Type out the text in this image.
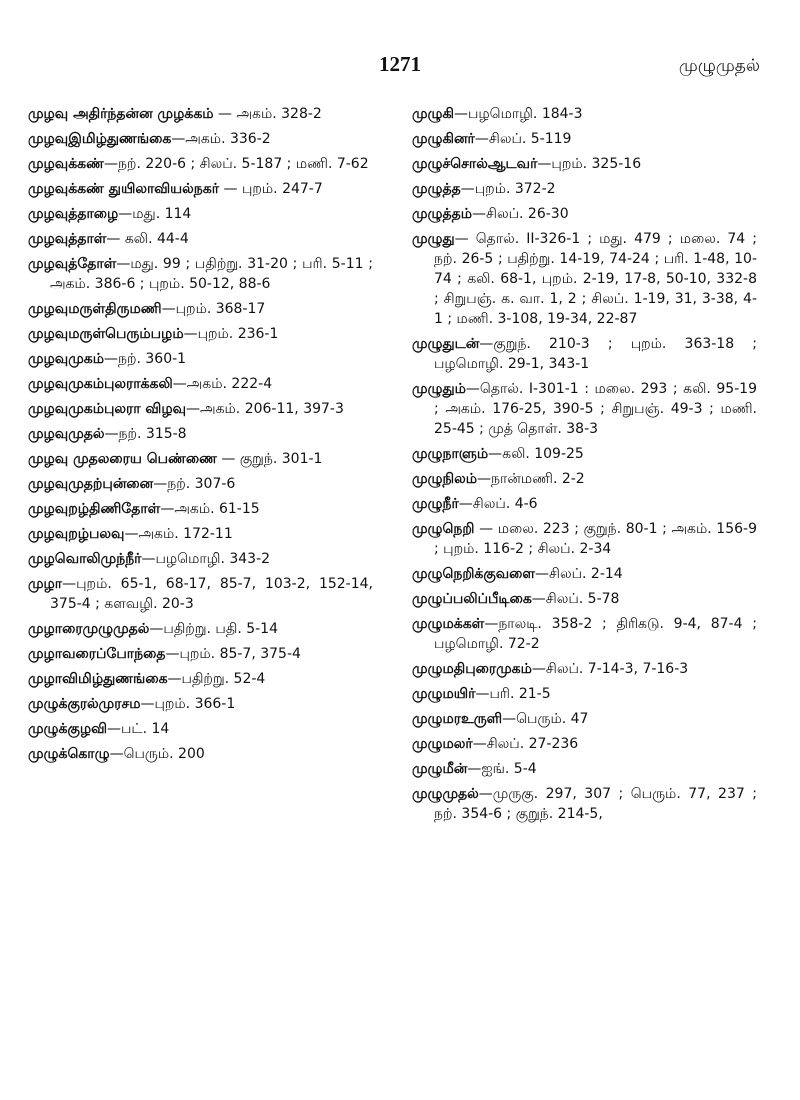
1271	முழுமுதல்

முழவு அதிர்ந்தன்ன முழக்கம் — அகம். 328-2

முழவுஇமிழ்துணங்கை—அகம். 336-2

முழவுக்கண்—நற். 220-6 ; சிலப். 5-187 ; மணி. 7-62

முழவுக்கண் துயிலாவியல்நகர் — புறம். 247-7

முழவுத்தாழை—மது. 114

முழவுத்தாள்— கலி. 44-4

முழவுத்தோள்—மது. 99 ; பதிற்று. 31-20 ; பரி. 5-11 ; அகம். 386-6 ; புறம். 50-12, 88-6

முழவுமருள்திருமணி—புறம். 368-17

முழவுமருள்பெரும்பழம்—புறம். 236-1

முழவுமுகம்—நற். 360-1

முழவுமுகம்புலராக்கலி—அகம். 222-4

முழவுமுகம்புலரா விழவு—அகம். 206-11, 397-3

முழவுமுதல்—நற். 315-8

முழவு முதலரைய பெண்ணை — குறுந். 301-1

முழவுமுதற்புன்னை—நற். 307-6

முழவுறழ்திணிதோள்—அகம். 61-15

முழவுறழ்பலவு—அகம். 172-11

முழவொலிமுந்நீர்—பழமொழி. 343-2

முழா—புறம். 65-1, 68-17, 85-7, 103-2, 152-14, 375-4 ; களவழி. 20-3

முழாரைமுழுமுதல்—பதிற்று. பதி. 5-14

முழாவரைப்போந்தை—புறம். 85-7, 375-4

முழாவிமிழ்துணங்கை—பதிற்று. 52-4

முழுக்குரல்முரசம—புறம். 366-1

முழுக்குழவி—பட். 14

முழுக்கொழு—பெரும். 200

முழுகி—பழமொழி. 184-3

முழுகினர்—சிலப். 5-119

முழுச்சொல்ஆடவர்—புறம். 325-16

முழுத்த—புறம். 372-2

முழுத்தம்—சிலப். 26-30

முழுது— தொல். II-326-1 ; மது. 479 ; மலை. 74 ; நற். 26-5 ; பதிற்று. 14-19, 74-24 ; பரி. 1-48, 10-74 ; கலி. 68-1, புறம். 2-19, 17-8, 50-10, 332-8 ; சிறுபஞ். க. வா. 1, 2 ; சிலப். 1-19, 31, 3-38, 4-1 ; மணி. 3-108, 19-34, 22-87

முழுதுடன்—குறுந். 210-3 ; புறம். 363-18 ; பழமொழி. 29-1, 343-1

முழுதும்—தொல். I-301-1 : மலை. 293 ; கலி. 95-19 ; அகம். 176-25, 390-5 ; சிறுபஞ். 49-3 ; மணி. 25-45 ; முத் தொள். 38-3

முழுநாளும்—கலி. 109-25

முழுநிலம்—நான்மணி. 2-2

முழுநீர்—சிலப். 4-6

முழுநெறி — மலை. 223 ; குறுந். 80-1 ; அகம். 156-9 ; புறம். 116-2 ; சிலப். 2-34

முழுநெறிக்குவளை—சிலப். 2-14

முழுப்பலிப்பீடிகை—சிலப். 5-78

முழுமக்கள்—நாலடி. 358-2 ; திரிகடு. 9-4, 87-4 ; பழமொழி. 72-2

முழுமதிபுரைமுகம்—சிலப். 7-14-3, 7-16-3

முழுமயிர்—பரி. 21-5

முழுமரஉருளி—பெரும். 47

முழுமலர்—சிலப். 27-236

முழுமீன்—ஐங். 5-4

முழுமுதல்—முருகு. 297, 307 ; பெரும். 77, 237 ; நற். 354-6 ; குறுந். 214-5,
